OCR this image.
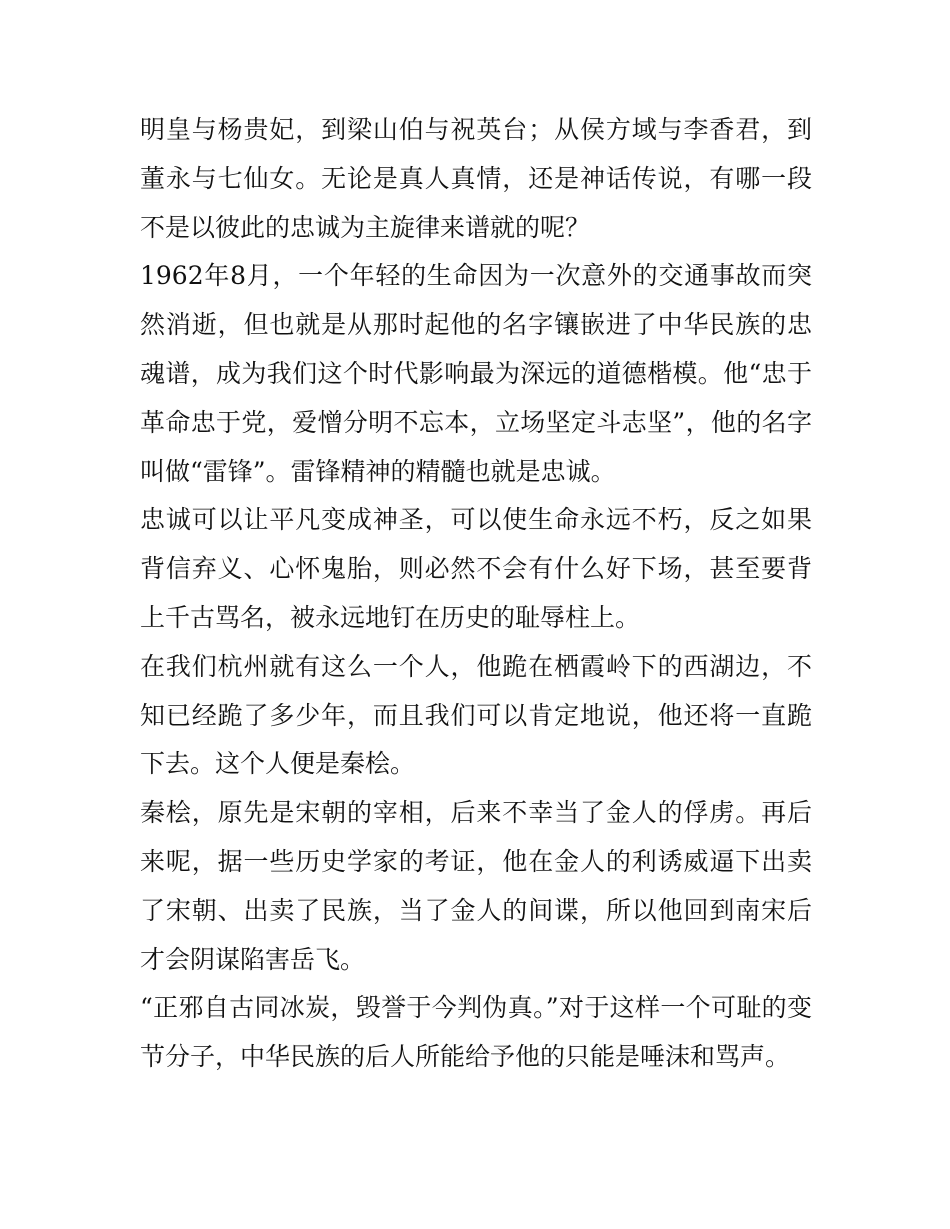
明皇与杨贵妃，到梁山伯与祝英台；从侯方域与李香君，到董永与七仙女。无论是真人真情，还是神话传说，有哪一段不是以彼此的忠诚为主旋律来谱就的呢？

1962年8月，一个年轻的生命因为一次意外的交通事故而突然消逝，但也就是从那时起他的名字镶嵌进了中华民族的忠魂谱，成为我们这个时代影响最为深远的道德楷模。他“忠于革命忠于党，爱憎分明不忘本，立场坚定斗志坚”，他的名字叫做“雷锋”。雷锋精神的精髓也就是忠诚。

忠诚可以让平凡变成神圣，可以使生命永远不朽，反之如果背信弃义、心怀鬼胎，则必然不会有什么好下场，甚至要背上千古骂名，被永远地钉在历史的耻辱柱上。

在我们杭州就有这么一个人，他跪在栖霞岭下的西湖边，不知已经跪了多少年，而且我们可以肯定地说，他还将一直跪下去。这个人便是秦桧。

秦桧，原先是宋朝的宰相，后来不幸当了金人的俘虏。再后来呢，据一些历史学家的考证，他在金人的利诱威逼下出卖了宋朝、出卖了民族，当了金人的间谍，所以他回到南宋后才会阴谋陷害岳飞。

“正邪自古同冰炭，毁誉于今判伪真。”对于这样一个可耻的变节分子，中华民族的后人所能给予他的只能是唾沫和骂声。
